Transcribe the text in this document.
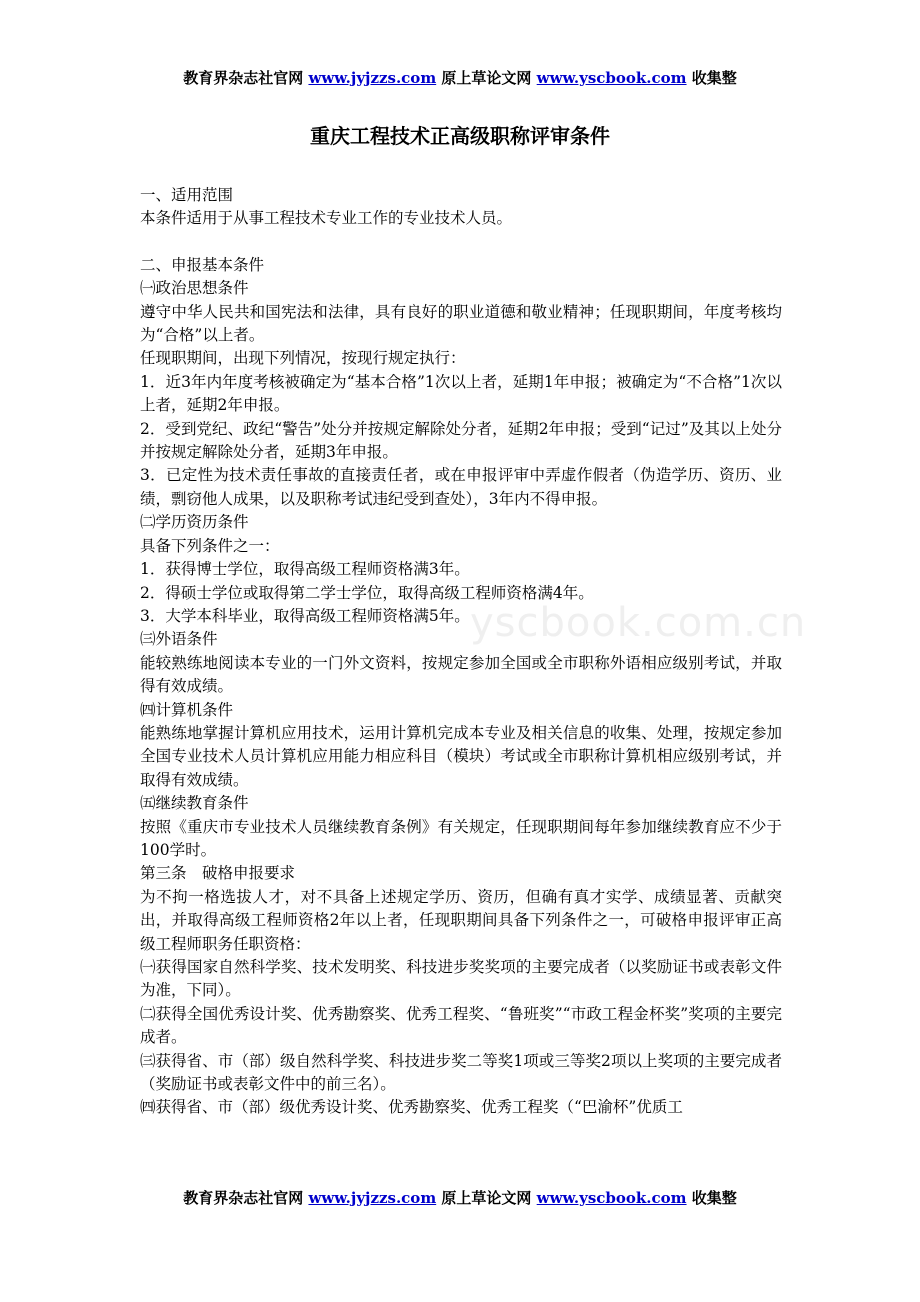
教育界杂志社官网 www.jyjzzs.com 原上草论文网 www.yscbook.com 收集整
yscbook.com.cn
重庆工程技术正高级职称评审条件

一、适用范围

本条件适用于从事工程技术专业工作的专业技术人员。

二、申报基本条件

㈠政治思想条件

遵守中华人民共和国宪法和法律，具有良好的职业道德和敬业精神；任现职期间，年度考核均为“合格”以上者。

任现职期间，出现下列情况，按现行规定执行：

1．近3年内年度考核被确定为“基本合格”1次以上者，延期1年申报；被确定为“不合格”1次以上者，延期2年申报。

2．受到党纪、政纪“警告”处分并按规定解除处分者，延期2年申报；受到“记过”及其以上处分并按规定解除处分者，延期3年申报。

3．已定性为技术责任事故的直接责任者，或在申报评审中弄虚作假者（伪造学历、资历、业绩，剽窃他人成果，以及职称考试违纪受到查处），3年内不得申报。

㈡学历资历条件

具备下列条件之一：

1．获得博士学位，取得高级工程师资格满3年。

2．得硕士学位或取得第二学士学位，取得高级工程师资格满4年。

3．大学本科毕业，取得高级工程师资格满5年。

㈢外语条件

能较熟练地阅读本专业的一门外文资料，按规定参加全国或全市职称外语相应级别考试，并取得有效成绩。

㈣计算机条件

能熟练地掌握计算机应用技术，运用计算机完成本专业及相关信息的收集、处理，按规定参加全国专业技术人员计算机应用能力相应科目（模块）考试或全市职称计算机相应级别考试，并取得有效成绩。

㈤继续教育条件

按照《重庆市专业技术人员继续教育条例》有关规定，任现职期间每年参加继续教育应不少于100学时。

第三条　破格申报要求

为不拘一格选拔人才，对不具备上述规定学历、资历，但确有真才实学、成绩显著、贡献突出，并取得高级工程师资格2年以上者，任现职期间具备下列条件之一，可破格申报评审正高级工程师职务任职资格：

㈠获得国家自然科学奖、技术发明奖、科技进步奖奖项的主要完成者（以奖励证书或表彰文件为准，下同）。

㈡获得全国优秀设计奖、优秀勘察奖、优秀工程奖、“鲁班奖”“市政工程金杯奖”奖项的主要完成者。

㈢获得省、市（部）级自然科学奖、科技进步奖二等奖1项或三等奖2项以上奖项的主要完成者（奖励证书或表彰文件中的前三名）。

㈣获得省、市（部）级优秀设计奖、优秀勘察奖、优秀工程奖（“巴渝杯”优质工

教育界杂志社官网 www.jyjzzs.com 原上草论文网 www.yscbook.com 收集整
